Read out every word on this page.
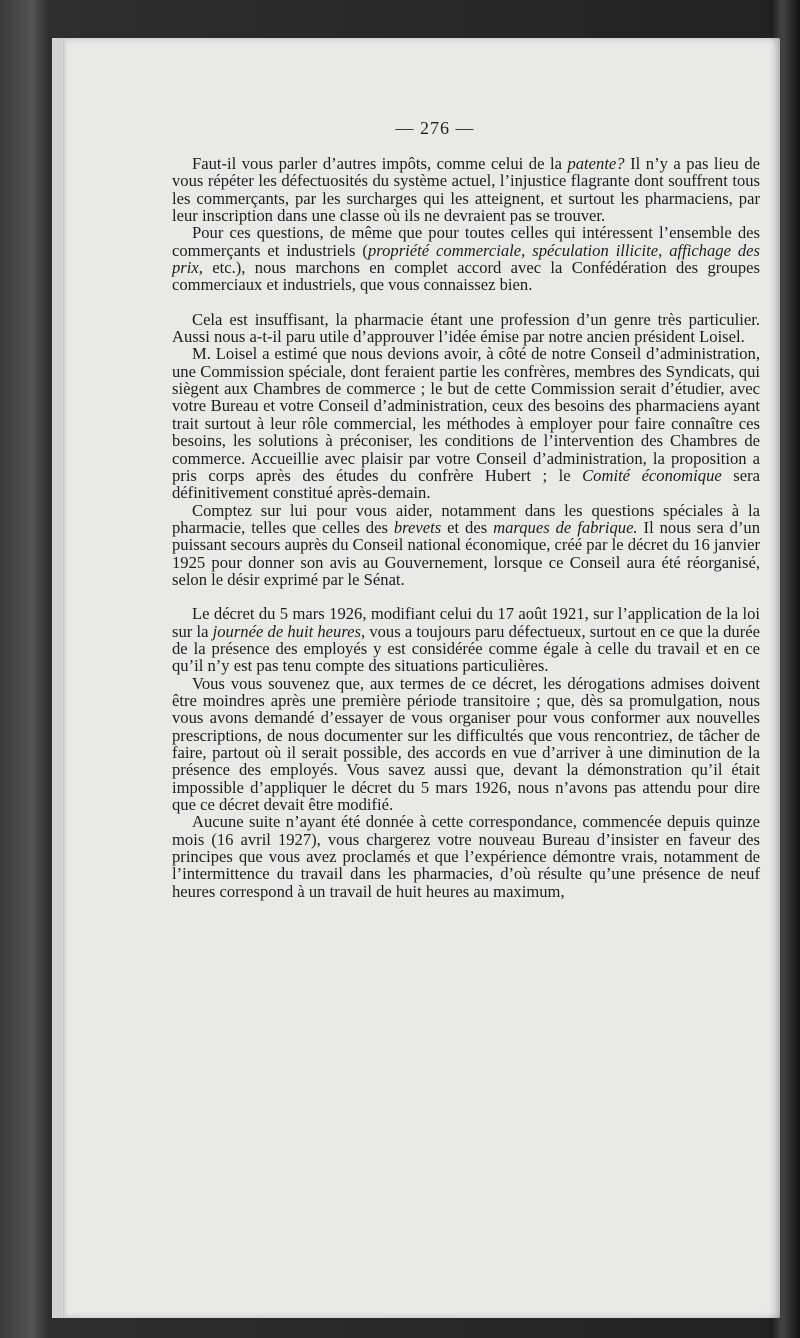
— 276 —

Faut-il vous parler d’autres impôts, comme celui de la patente? Il n’y a pas lieu de vous répéter les défectuosités du système actuel, l’injustice flagrante dont souffrent tous les commerçants, par les surcharges qui les atteignent, et surtout les pharmaciens, par leur inscription dans une classe où ils ne devraient pas se trouver.

Pour ces questions, de même que pour toutes celles qui intéressent l’ensemble des commerçants et industriels (propriété commerciale, spéculation illicite, affichage des prix, etc.), nous marchons en complet accord avec la Confédération des groupes commerciaux et industriels, que vous connaissez bien.

Cela est insuffisant, la pharmacie étant une profession d’un genre très particulier. Aussi nous a-t-il paru utile d’approuver l’idée émise par notre ancien président Loisel.

M. Loisel a estimé que nous devions avoir, à côté de notre Conseil d’administration, une Commission spéciale, dont feraient partie les confrères, membres des Syndicats, qui siègent aux Chambres de commerce ; le but de cette Commission serait d’étudier, avec votre Bureau et votre Conseil d’administration, ceux des besoins des pharmaciens ayant trait surtout à leur rôle commercial, les méthodes à employer pour faire connaître ces besoins, les solutions à préconiser, les conditions de l’intervention des Chambres de commerce. Accueillie avec plaisir par votre Conseil d’administration, la proposition a pris corps après des études du confrère Hubert ; le Comité économique sera définitivement constitué après-demain.

Comptez sur lui pour vous aider, notamment dans les questions spéciales à la pharmacie, telles que celles des brevets et des marques de fabrique. Il nous sera d’un puissant secours auprès du Conseil national économique, créé par le décret du 16 janvier 1925 pour donner son avis au Gouvernement, lorsque ce Conseil aura été réorganisé, selon le désir exprimé par le Sénat.

Le décret du 5 mars 1926, modifiant celui du 17 août 1921, sur l’application de la loi sur la journée de huit heures, vous a toujours paru défectueux, surtout en ce que la durée de la présence des employés y est considérée comme égale à celle du travail et en ce qu’il n’y est pas tenu compte des situations particulières.

Vous vous souvenez que, aux termes de ce décret, les dérogations admises doivent être moindres après une première période transitoire ; que, dès sa promulgation, nous vous avons demandé d’essayer de vous organiser pour vous conformer aux nouvelles prescriptions, de nous documenter sur les difficultés que vous rencontriez, de tâcher de faire, partout où il serait possible, des accords en vue d’arriver à une diminution de la présence des employés. Vous savez aussi que, devant la démonstration qu’il était impossible d’appliquer le décret du 5 mars 1926, nous n’avons pas attendu pour dire que ce décret devait être modifié.

Aucune suite n’ayant été donnée à cette correspondance, commencée depuis quinze mois (16 avril 1927), vous chargerez votre nouveau Bureau d’insister en faveur des principes que vous avez proclamés et que l’expérience démontre vrais, notamment de l’intermittence du travail dans les pharmacies, d’où résulte qu’une présence de neuf heures correspond à un travail de huit heures au maximum,
